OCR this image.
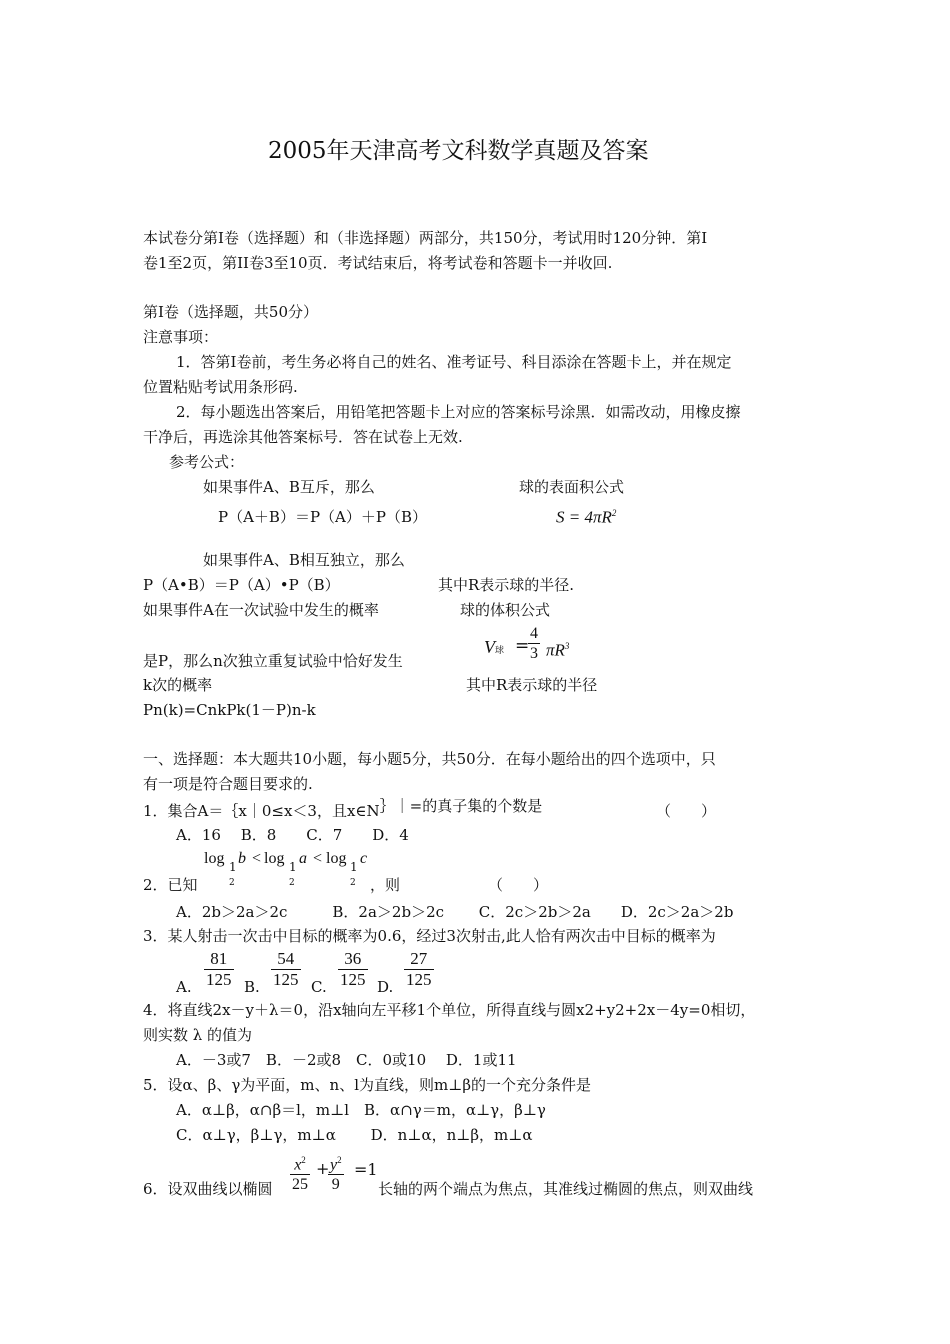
2005年天津高考文科数学真题及答案
本试卷分第Ⅰ卷（选择题）和（非选择题）两部分，共150分，考试用时120分钟．第Ⅰ
卷1至2页，第II卷3至10页．考试结束后，将考试卷和答题卡一并收回.
第Ⅰ卷（选择题，共50分）
注意事项：
1．答第Ⅰ卷前，考生务必将自己的姓名、准考证号、科目添涂在答题卡上，并在规定
位置粘贴考试用条形码.
2．每小题选出答案后，用铅笔把答题卡上对应的答案标号涂黑．如需改动，用橡皮擦
干净后，再选涂其他答案标号．答在试卷上无效.
参考公式：
如果事件A、B互斥，那么	球的表面积公式
P（A＋B）＝P（A）＋P（B）	$S = 4\pi R^2$
如果事件A、B相互独立，那么
P（A•B）＝P（A）•P（B）	其中R表示球的半径.
如果事件A在一次试验中发生的概率	球的体积公式
V球 =
$\frac{4}{3} \pi R^3$
是P，那么n次独立重复试验中恰好发生
k次的概率	其中R表示球的半径
Pn(k)=CnkPk(1－P)n-k
一、选择题：本大题共10小题，每小题5分，共50分．在每小题给出的四个选项中，只
有一项是符合题目要求的.
1．集合A＝｛x｜0≤x＜3，且x∈N｝｜=的真子集的个数是	（　　）
A．16　 B．8　　C．7　　D．4
log 1
2
b < log 1
2
a < log 1
2
c
2．已知	，则	（　　）
A．2b＞2a＞2c　　　B．2a＞2b＞2c　　 C．2c＞2b＞2a　　D．2c＞2a＞2b
3．某人射击一次击中目标的概率为0.6，经过3次射击,此人恰有两次击中目标的概率为
A. $\frac{81}{125} B$. $\frac{54}{125} C$. $\frac{36}{125} D$. $\frac{27}{125}$
4．将直线2x－y＋λ＝0，沿x轴向左平移1个单位，所得直线与圆x2+y2+2x－4y=0相切，
则实数 λ 的值为
A．－3或7　B．－2或8　C．0或10　 D．1或11
5．设α、β、γ为平面，m、n、l为直线，则m⊥β的一个充分条件是
A．α⊥β，α∩β＝l，m⊥l　B．α∩γ＝m，α⊥γ，β⊥γ
C．α⊥γ，β⊥γ，m⊥α　　 D．n⊥α，n⊥β，m⊥α
6．设双曲线以椭圆 $\frac{x^2}{25}$ +
$\frac{y^2}{9} =1$
长轴的两个端点为焦点，其准线过椭圆的焦点，则双曲线
